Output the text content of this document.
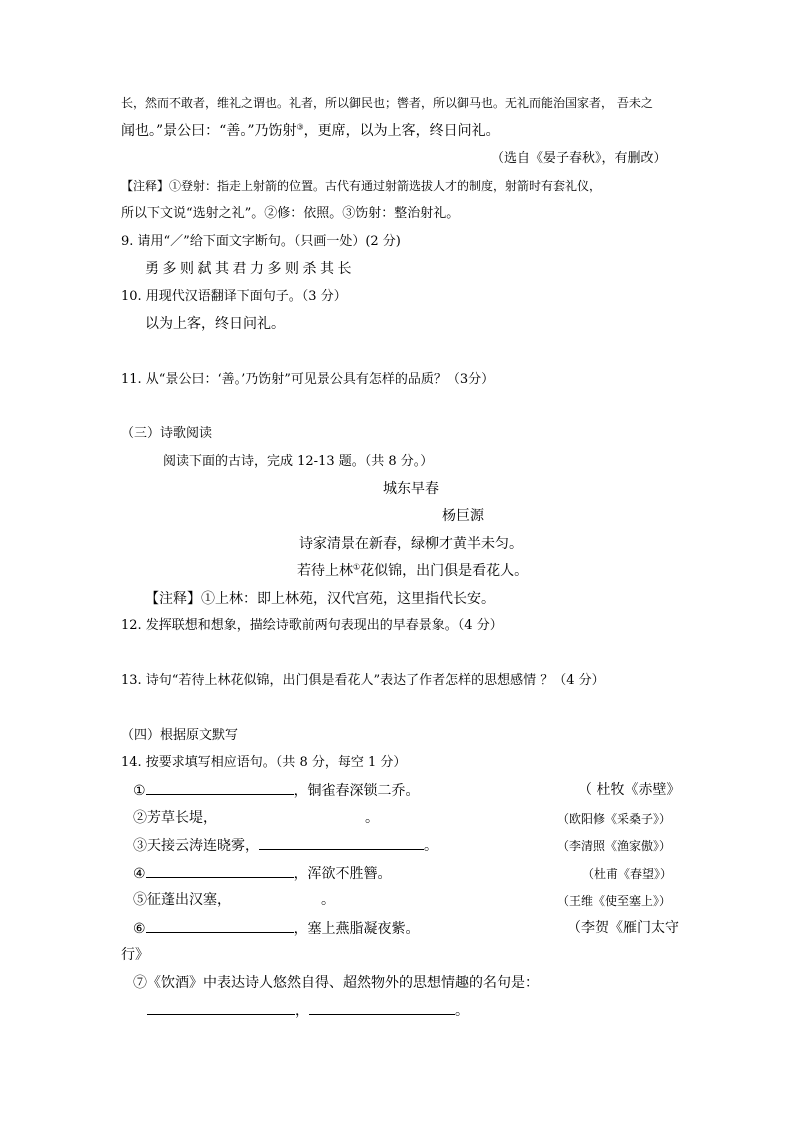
长，然而不敢者，维礼之谓也。礼者，所以御民也；辔者，所以御马也。无礼而能治国家者， 吾未之
闻也。”景公曰：“善。”乃饬射③，更席，以为上客，终日问礼。
（选自《晏子春秋》，有删改）
【注释】①登射：指走上射箭的位置。古代有通过射箭选拔人才的制度，射箭时有套礼仪，
所以下文说“选射之礼”。②修：依照。③饬射：整治射礼。
9. 请用“／”给下面文字断句。（只画一处）(2 分)
勇多则弑其君力多则杀其长
10. 用现代汉语翻译下面句子。（3 分）
以为上客，终日问礼。
11. 从“景公曰：‘善。’乃饬射”可见景公具有怎样的品质？（3分）
（三）诗歌阅读
阅读下面的古诗，完成 12-13 题。（共 8 分。）
城东早春
杨巨源
诗家清景在新春，绿柳才黄半未匀。
若待上林①花似锦，出门俱是看花人。
【注释】①上林：即上林苑，汉代宫苑，这里指代长安。
12. 发挥联想和想象，描绘诗歌前两句表现出的早春景象。（4 分）
13. 诗句“若待上林花似锦，出门俱是看花人”表达了作者怎样的思想感情 ？（4 分）
（四）根据原文默写
14. 按要求填写相应语句。（共 8 分，每空 1 分）
①	，铜雀春深锁二乔。	（ 杜牧《赤壁》
②芳草长堤，	。	（欧阳修《采桑子》）
③天接云涛连晓雾，	。	（李清照《渔家傲》）
④	，浑欲不胜簪。	（杜甫《春望》）
⑤征蓬出汉塞，	。	（王维《使至塞上》）
⑥	，塞上燕脂凝夜紫。	（李贺《雁门太守
行》
⑦《饮酒》中表达诗人悠然自得、超然物外的思想情趣的名句是：
，	。
